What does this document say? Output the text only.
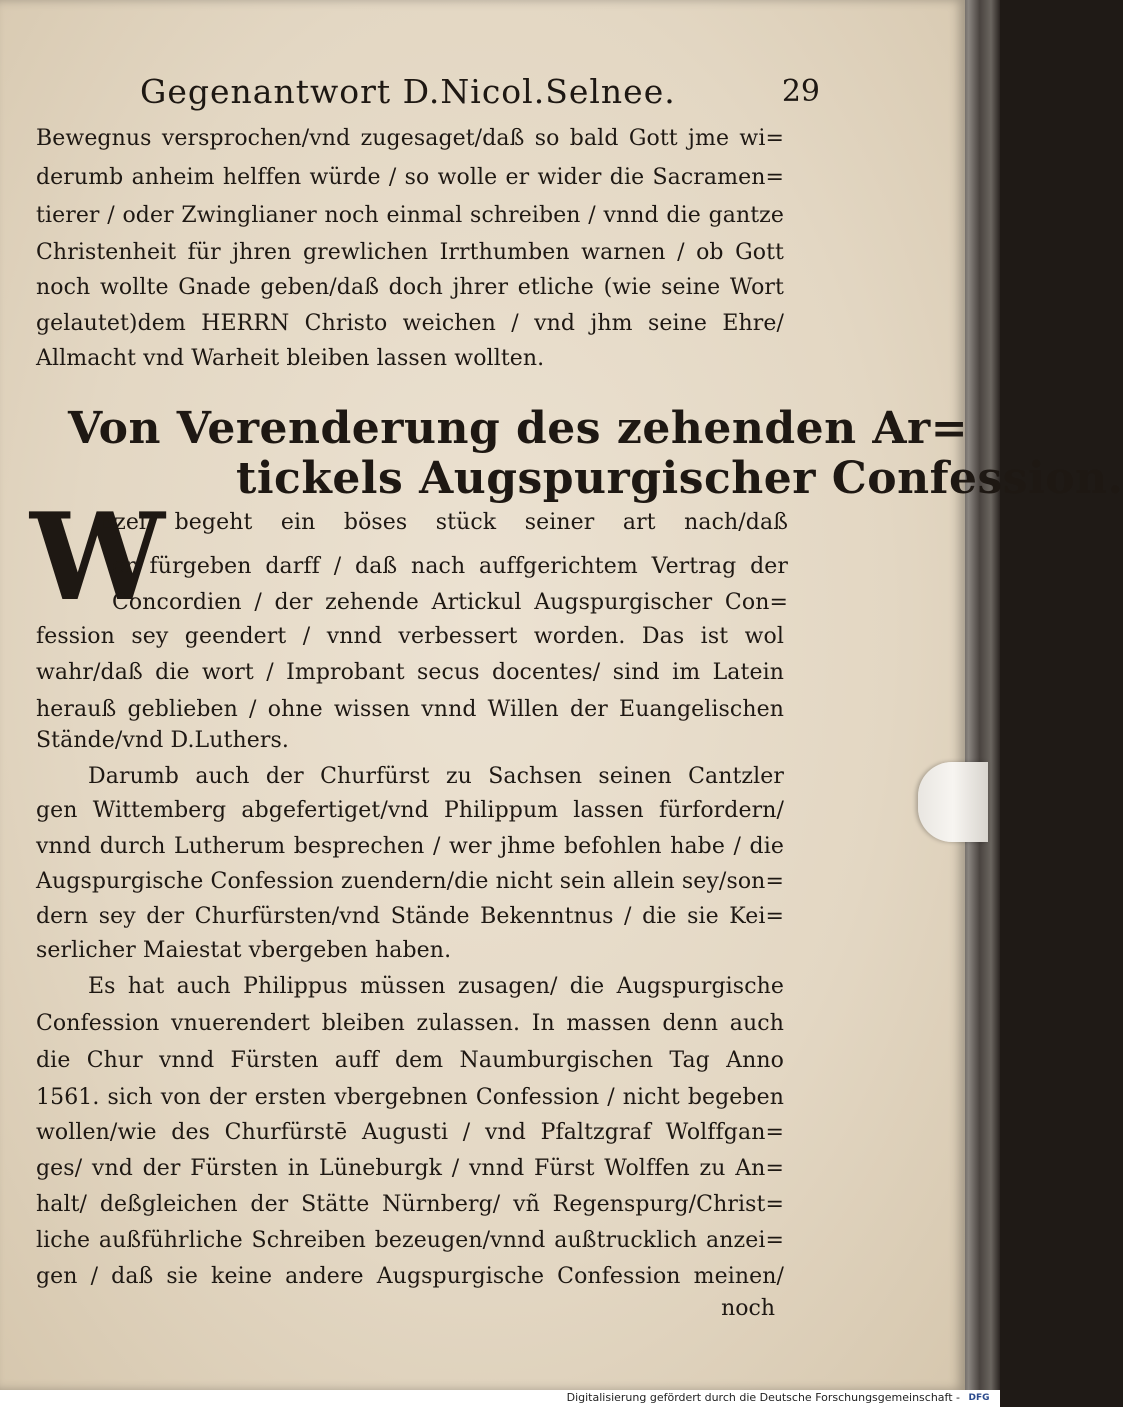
Gegenantwort D.Nicol.Selnee.	29
Bewegnus versprochen/vnd zugesaget/daß so bald Gott jme wi=
derumb anheim helffen würde / so wolle er wider die Sacramen=
tierer / oder Zwinglianer noch einmal schreiben / vnnd die gantze
Christenheit für jhren grewlichen Irrthumben warnen / ob Gott
noch wollte Gnade geben/daß doch jhrer etliche (wie seine Wort
gelautet)dem HERRN Christo weichen / vnd jhm seine Ehre/
Allmacht vnd Warheit bleiben lassen wollten.
Von Verenderung des zehenden Ar=
tickels Augspurgischer Confession.
W
Ezel begeht ein böses stück seiner art nach/daß
er fürgeben darff / daß nach auffgerichtem Vertrag der
Concordien / der zehende Artickul Augspurgischer Con=
fession sey geendert / vnnd verbessert worden. Das ist wol
wahr/daß die wort / Improbant secus docentes/ sind im Latein
herauß geblieben / ohne wissen vnnd Willen der Euangelischen
Stände/vnd D.Luthers.
Darumb auch der Churfürst zu Sachsen seinen Cantzler
gen Wittemberg abgefertiget/vnd Philippum lassen fürfordern/
vnnd durch Lutherum besprechen / wer jhme befohlen habe / die
Augspurgische Confession zuendern/die nicht sein allein sey/son=
dern sey der Churfürsten/vnd Stände Bekenntnus / die sie Kei=
serlicher Maiestat vbergeben haben.
Es hat auch Philippus müssen zusagen/ die Augspurgische
Confession vnuerendert bleiben zulassen. In massen denn auch
die Chur vnnd Fürsten auff dem Naumburgischen Tag Anno
1561. sich von der ersten vbergebnen Confession / nicht begeben
wollen/wie des Churfürstē Augusti / vnd Pfaltzgraf Wolffgan=
ges/ vnd der Fürsten in Lüneburgk / vnnd Fürst Wolffen zu An=
halt/ deßgleichen der Stätte Nürnberg/ vñ Regenspurg/Christ=
liche außführliche Schreiben bezeugen/vnnd außtrucklich anzei=
gen / daß sie keine andere Augspurgische Confession meinen/
noch
Digitalisierung gefördert durch die Deutsche Forschungsgemeinschaft - DFG
